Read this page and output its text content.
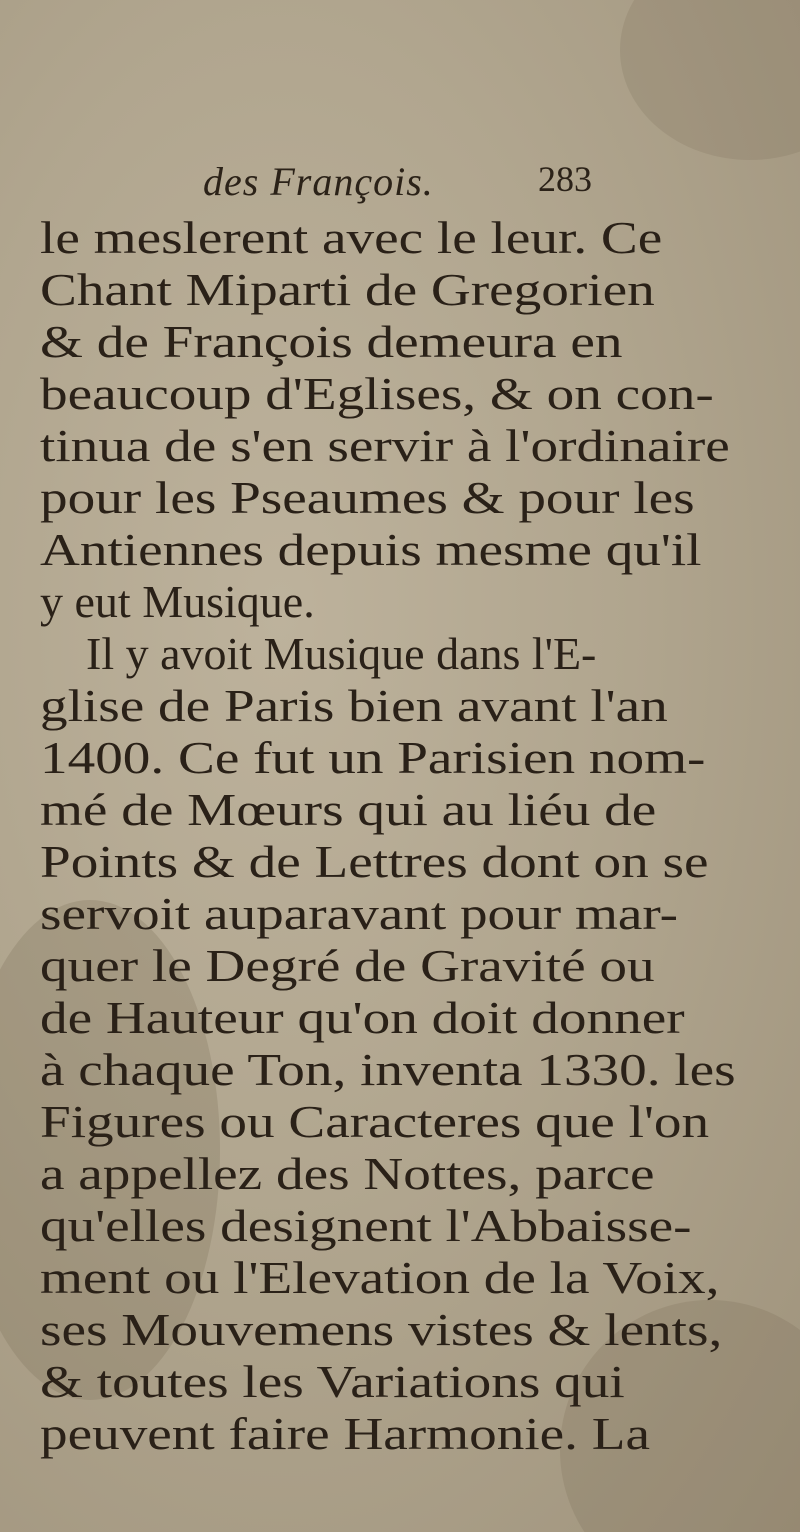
des François.	283
le meslerent avec le leur. Ce
Chant Miparti de Gregorien
& de François demeura en
beaucoup d'Eglises, & on con-
tinua de s'en servir à l'ordinaire
pour les Pseaumes & pour les
Antiennes depuis mesme qu'il
y eut Musique.
Il y avoit Musique dans l'E-
glise de Paris bien avant l'an
1400. Ce fut un Parisien nom-
mé de Mœurs qui au liéu de
Points & de Lettres dont on se
servoit auparavant pour mar-
quer le Degré de Gravité ou
de Hauteur qu'on doit donner
à chaque Ton, inventa 1330. les
Figures ou Caracteres que l'on
a appellez des Nottes, parce
qu'elles designent l'Abbaisse-
ment ou l'Elevation de la Voix,
ses Mouvemens vistes & lents,
& toutes les Variations qui
peuvent faire Harmonie. La
